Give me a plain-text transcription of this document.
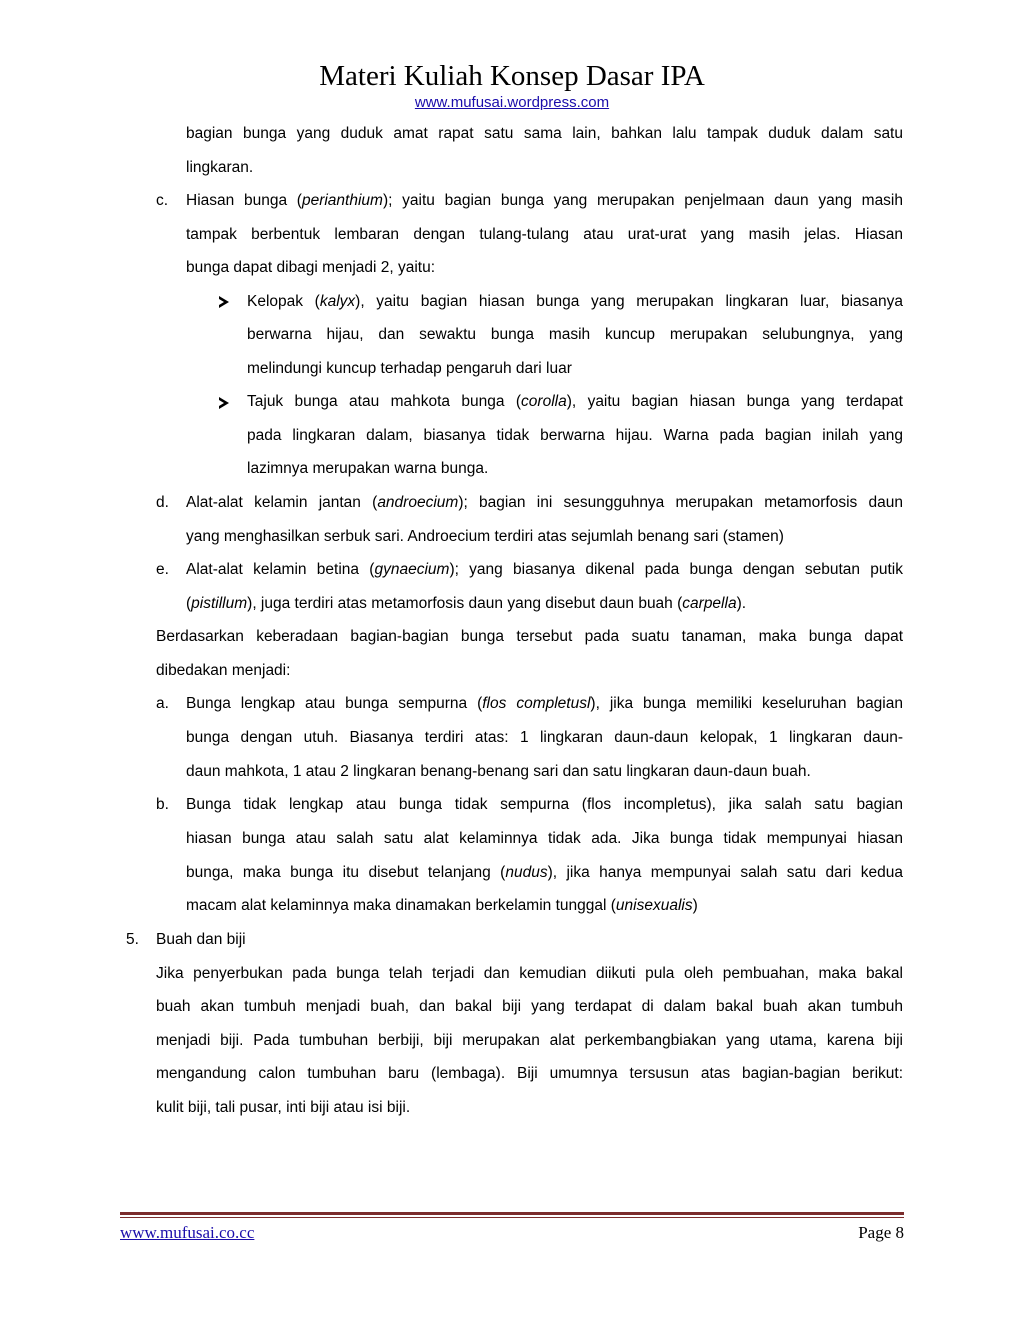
Materi Kuliah Konsep Dasar IPA
www.mufusai.wordpress.com
bagian bunga yang duduk amat rapat satu sama lain, bahkan lalu tampak duduk dalam satu
lingkaran.
c. Hiasan bunga (perianthium); yaitu bagian bunga yang merupakan penjelmaan daun yang masih
tampak berbentuk lembaran dengan tulang-tulang atau urat-urat yang masih jelas. Hiasan
bunga dapat dibagi menjadi 2, yaitu:
Kelopak (kalyx), yaitu bagian hiasan bunga yang merupakan lingkaran luar, biasanya
berwarna hijau, dan sewaktu bunga masih kuncup merupakan selubungnya, yang
melindungi kuncup terhadap pengaruh dari luar
Tajuk bunga atau mahkota bunga (corolla), yaitu bagian hiasan bunga yang terdapat
pada lingkaran dalam, biasanya tidak berwarna hijau. Warna pada bagian inilah yang
lazimnya merupakan warna bunga.
d. Alat-alat kelamin jantan (androecium); bagian ini sesungguhnya merupakan metamorfosis daun
yang menghasilkan serbuk sari. Androecium terdiri atas sejumlah benang sari (stamen)
e. Alat-alat kelamin betina (gynaecium); yang biasanya dikenal pada bunga dengan sebutan putik
(pistillum), juga terdiri atas metamorfosis daun yang disebut daun buah (carpella).
Berdasarkan keberadaan bagian-bagian bunga tersebut pada suatu tanaman, maka bunga dapat
dibedakan menjadi:
a. Bunga lengkap atau bunga sempurna (flos completusl), jika bunga memiliki keseluruhan bagian
bunga dengan utuh. Biasanya terdiri atas: 1 lingkaran daun-daun kelopak, 1 lingkaran daun-
daun mahkota, 1 atau 2 lingkaran benang-benang sari dan satu lingkaran daun-daun buah.
b. Bunga tidak lengkap atau bunga tidak sempurna (flos incompletus), jika salah satu bagian
hiasan bunga atau salah satu alat kelaminnya tidak ada. Jika bunga tidak mempunyai hiasan
bunga, maka bunga itu disebut telanjang (nudus), jika hanya mempunyai salah satu dari kedua
macam alat kelaminnya maka dinamakan berkelamin tunggal (unisexualis)
5. Buah dan biji
Jika penyerbukan pada bunga telah terjadi dan kemudian diikuti pula oleh pembuahan, maka bakal
buah akan tumbuh menjadi buah, dan bakal biji yang terdapat di dalam bakal buah akan tumbuh
menjadi biji. Pada tumbuhan berbiji, biji merupakan alat perkembangbiakan yang utama, karena biji
mengandung calon tumbuhan baru (lembaga). Biji umumnya tersusun atas bagian-bagian berikut:
kulit biji, tali pusar, inti biji atau isi biji.
www.mufusai.co.cc	Page 8
